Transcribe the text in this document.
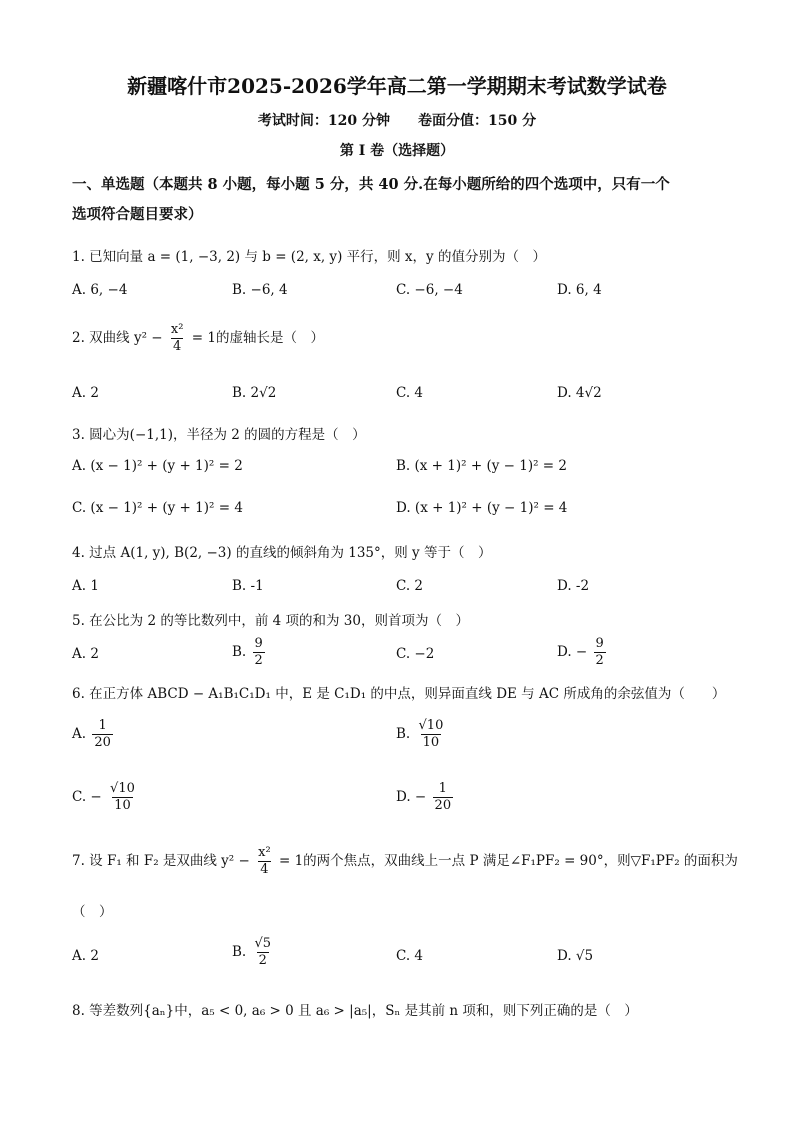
新疆喀什市2025-2026学年高二第一学期期末考试数学试卷
考试时间：120 分钟　　卷面分值：150 分
第 I 卷（选择题）
一、单选题（本题共 8 小题，每小题 5 分，共 40 分.在每小题所给的四个选项中，只有一个
选项符合题目要求）
1. 已知向量 a = (1, −3, 2) 与 b = (2, x, y) 平行，则 x，y 的值分别为（　）
A. 6, −4	B. −6, 4	C. −6, −4	D. 6, 4
2. 双曲线 $y^2 - \frac{\text{x²}}{4} = 1$的虚轴长是（　）
A. 2	B. 2√2	C. 4	D. 4√2
3. 圆心为(−1,1)，半径为 2 的圆的方程是（　）
A. (x − 1)² + (y + 1)² = 2	B. (x + 1)² + (y − 1)² = 2
C. (x − 1)² + (y + 1)² = 4	D. (x + 1)² + (y − 1)² = 4
4. 过点 A(1, y), B(2, −3) 的直线的倾斜角为 135°，则 y 等于（　）
A. 1	B. -1	C. 2	D. -2
5. 在公比为 2 的等比数列中，前 4 项的和为 30，则首项为（　）
A. 2	B. $\frac{9}{2}$	C. −2	D. − $\frac{9}{2}$
6. 在正方体 ABCD − A₁B₁C₁D₁ 中，E 是 C₁D₁ 的中点，则异面直线 DE 与 AC 所成角的余弦值为（　　）
A. $\frac{1}{20}$	B. $\frac{√10}{10}$
C. − $\frac{√10}{10}$	D. − $\frac{1}{20}$
7. 设 F₁ 和 F₂ 是双曲线 $y^2 - \frac{\text{x²}}{4} = 1$的两个焦点，双曲线上一点 P 满足∠F₁PF₂ = 90°，则▽F₁PF₂ 的面积为
（　）
A. 2	B. $\frac{√5}{2}$	C. 4	D. √5
8. 等差数列{aₙ}中，a₅ < 0, a₆ > 0 且 a₆ > |a₅|，Sₙ 是其前 n 项和，则下列正确的是（　）
